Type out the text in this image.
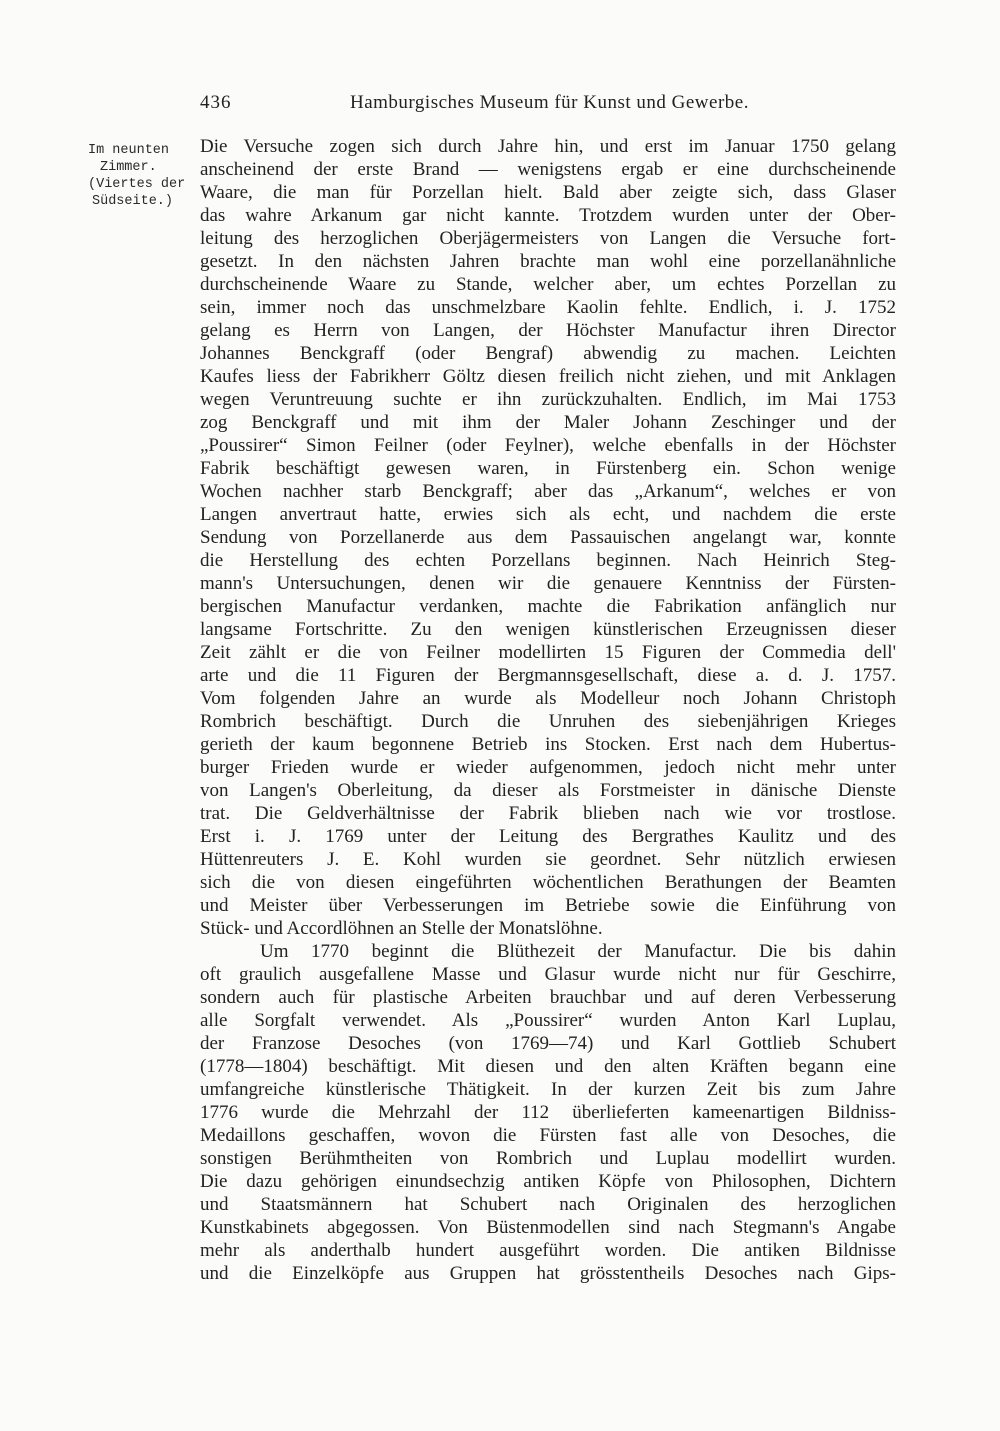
436	Hamburgisches Museum für Kunst und Gewerbe.
Im neunten
Zimmer.
(Viertes der
Südseite.)
Die Versuche zogen sich durch Jahre hin, und erst im Januar 1750 gelang
anscheinend der erste Brand — wenigstens ergab er eine durchscheinende
Waare, die man für Porzellan hielt. Bald aber zeigte sich, dass Glaser
das wahre Arkanum gar nicht kannte. Trotzdem wurden unter der Ober-
leitung des herzoglichen Oberjägermeisters von Langen die Versuche fort-
gesetzt. In den nächsten Jahren brachte man wohl eine porzellanähnliche
durchscheinende Waare zu Stande, welcher aber, um echtes Porzellan zu
sein, immer noch das unschmelzbare Kaolin fehlte. Endlich, i. J. 1752
gelang es Herrn von Langen, der Höchster Manufactur ihren Director
Johannes Benckgraff (oder Bengraf) abwendig zu machen. Leichten
Kaufes liess der Fabrikherr Göltz diesen freilich nicht ziehen, und mit Anklagen
wegen Veruntreuung suchte er ihn zurückzuhalten. Endlich, im Mai 1753
zog Benckgraff und mit ihm der Maler Johann Zeschinger und der
„Poussirer“ Simon Feilner (oder Feylner), welche ebenfalls in der Höchster
Fabrik beschäftigt gewesen waren, in Fürstenberg ein. Schon wenige
Wochen nachher starb Benckgraff; aber das „Arkanum“, welches er von
Langen anvertraut hatte, erwies sich als echt, und nachdem die erste
Sendung von Porzellanerde aus dem Passauischen angelangt war, konnte
die Herstellung des echten Porzellans beginnen. Nach Heinrich Steg-
mann's Untersuchungen, denen wir die genauere Kenntniss der Fürsten-
bergischen Manufactur verdanken, machte die Fabrikation anfänglich nur
langsame Fortschritte. Zu den wenigen künstlerischen Erzeugnissen dieser
Zeit zählt er die von Feilner modellirten 15 Figuren der Commedia dell'
arte und die 11 Figuren der Bergmannsgesellschaft, diese a. d. J. 1757.
Vom folgenden Jahre an wurde als Modelleur noch Johann Christoph
Rombrich beschäftigt. Durch die Unruhen des siebenjährigen Krieges
gerieth der kaum begonnene Betrieb ins Stocken. Erst nach dem Hubertus-
burger Frieden wurde er wieder aufgenommen, jedoch nicht mehr unter
von Langen's Oberleitung, da dieser als Forstmeister in dänische Dienste
trat. Die Geldverhältnisse der Fabrik blieben nach wie vor trostlose.
Erst i. J. 1769 unter der Leitung des Bergrathes Kaulitz und des
Hüttenreuters J. E. Kohl wurden sie geordnet. Sehr nützlich erwiesen
sich die von diesen eingeführten wöchentlichen Berathungen der Beamten
und Meister über Verbesserungen im Betriebe sowie die Einführung von
Stück- und Accordlöhnen an Stelle der Monatslöhne.
Um 1770 beginnt die Blüthezeit der Manufactur. Die bis dahin
oft graulich ausgefallene Masse und Glasur wurde nicht nur für Geschirre,
sondern auch für plastische Arbeiten brauchbar und auf deren Verbesserung
alle Sorgfalt verwendet. Als „Poussirer“ wurden Anton Karl Luplau,
der Franzose Desoches (von 1769—74) und Karl Gottlieb Schubert
(1778—1804) beschäftigt. Mit diesen und den alten Kräften begann eine
umfangreiche künstlerische Thätigkeit. In der kurzen Zeit bis zum Jahre
1776 wurde die Mehrzahl der 112 überlieferten kameenartigen Bildniss-
Medaillons geschaffen, wovon die Fürsten fast alle von Desoches, die
sonstigen Berühmtheiten von Rombrich und Luplau modellirt wurden.
Die dazu gehörigen einundsechzig antiken Köpfe von Philosophen, Dichtern
und Staatsmännern hat Schubert nach Originalen des herzoglichen
Kunstkabinets abgegossen. Von Büstenmodellen sind nach Stegmann's Angabe
mehr als anderthalb hundert ausgeführt worden. Die antiken Bildnisse
und die Einzelköpfe aus Gruppen hat grösstentheils Desoches nach Gips-
